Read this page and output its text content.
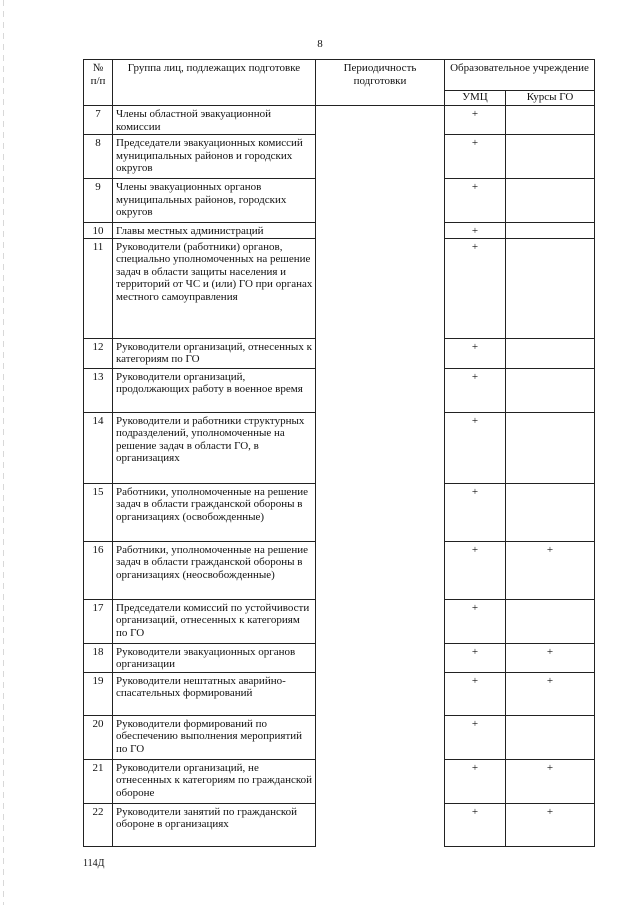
8
№
п/п	Группа лиц, подлежащих подготовке	Периодичность подготовки	Образовательное учреждение	
			УМЦ	Курсы ГО
7	Члены областной эвакуационной комиссии		+	
8	Председатели эвакуационных комиссий муниципальных районов и городских округов		+	
9	Члены эвакуационных органов муниципальных районов, городских округов		+	
10	Главы местных администраций		+	
11	Руководители (работники) органов, специально уполномоченных на решение задач в области защиты населения и территорий от ЧС и (или) ГО при органах местного самоуправления		+	
12	Руководители организаций, отнесенных к категориям по ГО		+	
13	Руководители организаций, продолжающих работу в военное время		+	
14	Руководители и работники структурных подразделений, уполномоченные на решение задач в области ГО, в организациях		+	
15	Работники, уполномоченные на решение задач в области гражданской обороны в организациях (освобожденные)		+	
16	Работники, уполномоченные на решение задач в области гражданской обороны в организациях (неосвобожденные)		+	+
17	Председатели комиссий по устойчивости организаций, отнесенных к категориям по ГО		+	
18	Руководители эвакуационных органов организации		+	+
19	Руководители нештатных аварийно-спасательных формирований		+	+
20	Руководители формирований по обеспечению выполнения мероприятий по ГО		+	
21	Руководители организаций, не отнесенных к категориям по гражданской обороне		+	+
22	Руководители занятий по гражданской обороне в организациях		+	+
114Д
